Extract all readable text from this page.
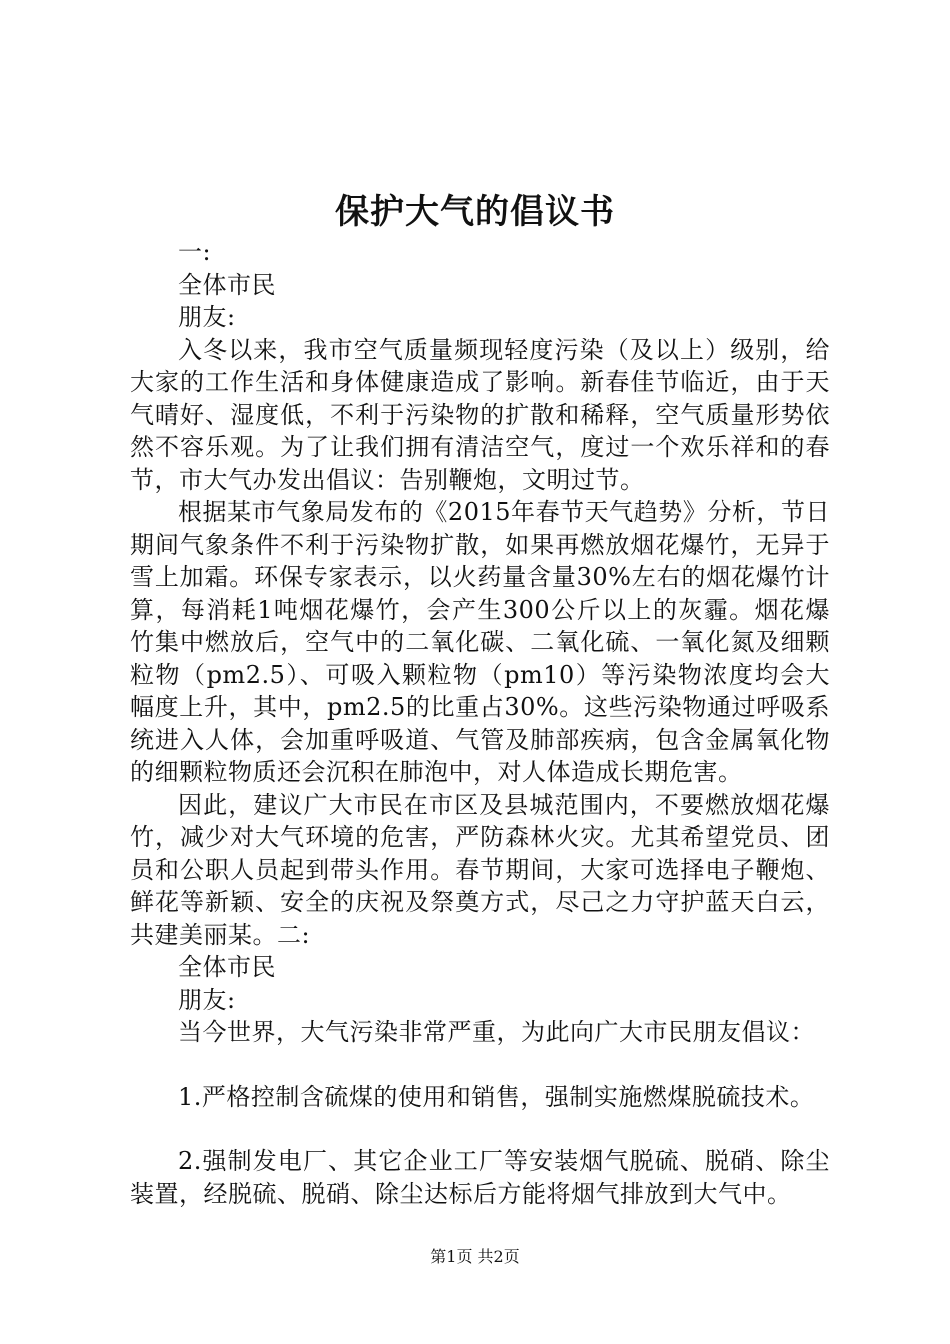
保护大气的倡议书

一:

全体市民

朋友:

入冬以来，我市空气质量频现轻度污染（及以上）级别，给大家的工作生活和身体健康造成了影响。新春佳节临近，由于天气晴好、湿度低，不利于污染物的扩散和稀释，空气质量形势依然不容乐观。为了让我们拥有清洁空气，度过一个欢乐祥和的春节，市大气办发出倡议：告别鞭炮，文明过节。

根据某市气象局发布的《2015年春节天气趋势》分析，节日期间气象条件不利于污染物扩散，如果再燃放烟花爆竹，无异于雪上加霜。环保专家表示，以火药量含量30%左右的烟花爆竹计算，每消耗1吨烟花爆竹，会产生300公斤以上的灰霾。烟花爆竹集中燃放后，空气中的二氧化碳、二氧化硫、一氧化氮及细颗粒物（pm2.5）、可吸入颗粒物（pm10）等污染物浓度均会大幅度上升，其中，pm2.5的比重占30%。这些污染物通过呼吸系统进入人体，会加重呼吸道、气管及肺部疾病，包含金属氧化物的细颗粒物质还会沉积在肺泡中，对人体造成长期危害。

因此，建议广大市民在市区及县城范围内，不要燃放烟花爆竹，减少对大气环境的危害，严防森林火灾。尤其希望党员、团员和公职人员起到带头作用。春节期间，大家可选择电子鞭炮、鲜花等新颖、安全的庆祝及祭奠方式，尽己之力守护蓝天白云，共建美丽某。二:

全体市民

朋友:

当今世界，大气污染非常严重，为此向广大市民朋友倡议：

1.严格控制含硫煤的使用和销售，强制实施燃煤脱硫技术。

2.强制发电厂、其它企业工厂等安装烟气脱硫、脱硝、除尘装置，经脱硫、脱硝、除尘达标后方能将烟气排放到大气中。

第1页 共2页
